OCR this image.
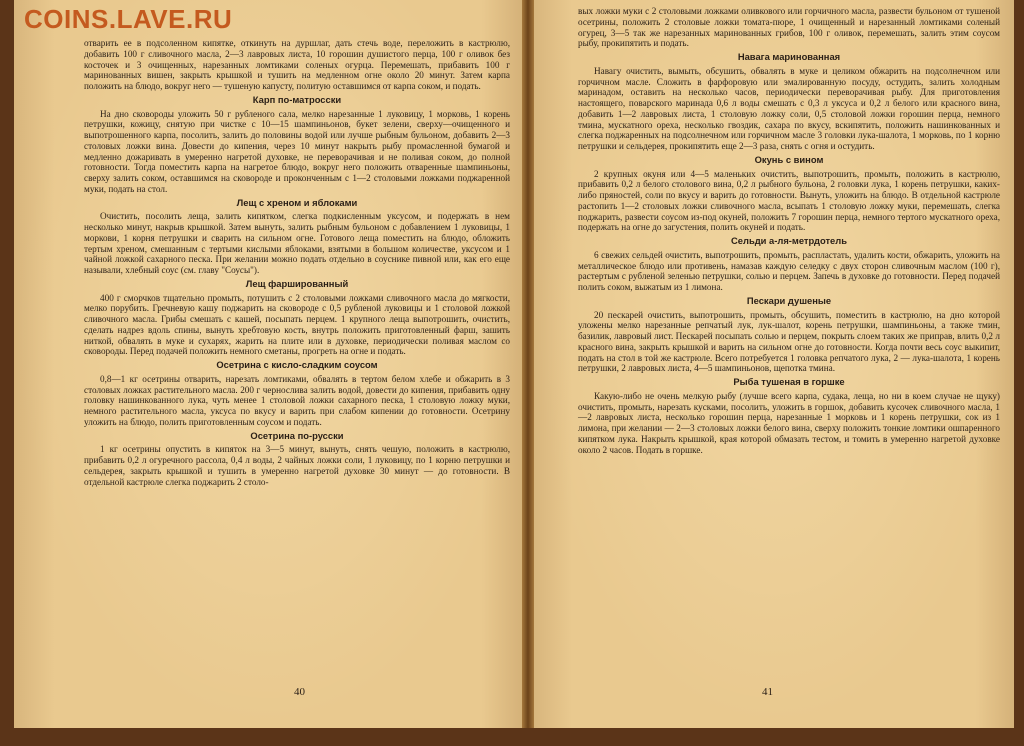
отварить ее в подсоленном кипятке, откинуть на дуршлаг, дать стечь воде, переложить в кастрюлю, добавить 100 г сливочного масла, 2—3 лавровых листа, 10 горошин душистого перца, 100 г оливок без косточек и 3 очищенных, нарезанных ломтиками соленых огурца. Перемешать, прибавить 100 г маринованных вишен, закрыть крышкой и тушить на медленном огне около 20 минут. Затем карпа положить на блюдо, вокруг него — тушеную капусту, политую оставшимся от карпа соком, и подать.

Карп по-матросски

На дно сковороды уложить 50 г рубленого сала, мелко нарезанные 1 луковицу, 1 морковь, 1 корень петрушки, кожицу, снятую при чистке с 10—15 шампиньонов, букет зелени, сверху—очищенного и выпотрошенного карпа, посолить, залить до половины водой или лучше рыбным бульоном, добавить 2—3 столовых ложки вина. Довести до кипения, через 10 минут накрыть рыбу промасленной бумагой и медленно дожаривать в умеренно нагретой духовке, не переворачивая и не поливая соком, до полной готовности. Тогда поместить карпа на нагретое блюдо, вокруг него положить отваренные шампиньоны, сверху залить соком, оставшимся на сковороде и проконченным с 1—2 столовыми ложками поджаренной муки, подать на стол.

Лещ с хреном и яблоками

Очистить, посолить леща, залить кипятком, слегка подкисленным уксусом, и подержать в нем несколько минут, накрыв крышкой. Затем вынуть, залить рыбным бульоном с добавлением 1 луковицы, 1 моркови, 1 корня петрушки и сварить на сильном огне. Готового леща поместить на блюдо, обложить тертым хреном, смешанным с тертыми кислыми яблоками, взятыми в большом количестве, уксусом и 1 чайной ложкой сахарного песка. При желании можно подать отдельно в соуснике пивной или, как его еще называли, хлебный соус (см. главу "Соусы").

Лещ фаршированный

400 г сморчков тщательно промыть, потушить с 2 столовыми ложками сливочного масла до мягкости, мелко порубить. Гречневую кашу поджарить на сковороде с 0,5 рубленой луковицы и 1 столовой ложкой сливочного масла. Грибы смешать с кашей, посыпать перцем. 1 крупного леща выпотрошить, очистить, сделать надрез вдоль спины, вынуть хребтовую кость, внутрь положить приготовленный фарш, зашить ниткой, обвалять в муке и сухарях, жарить на плите или в духовке, периодически поливая маслом со сковороды. Перед подачей положить немного сметаны, прогреть на огне и подать.

Осетрина с кисло-сладким соусом

0,8—1 кг осетрины отварить, нарезать ломтиками, обвалять в тертом белом хлебе и обжарить в 3 столовых ложках растительного масла. 200 г чернослива залить водой, довести до кипения, прибавить одну головку нашинкованного лука, чуть менее 1 столовой ложки сахарного песка, 1 столовую ложку муки, немного растительного масла, уксуса по вкусу и варить при слабом кипении до готовности. Осетрину уложить на блюдо, полить приготовленным соусом и подать.

Осетрина по-русски

1 кг осетрины опустить в кипяток на 3—5 минут, вынуть, снять чешую, положить в кастрюлю, прибавить 0,2 л огуречного рассола, 0,4 л воды, 2 чайных ложки соли, 1 луковицу, по 1 корню петрушки и сельдерея, закрыть крышкой и тушить в умеренно нагретой духовке 30 минут — до готовности. В отдельной кастрюле слегка поджарить 2 столо-

40

вых ложки муки с 2 столовыми ложками оливкового или горчичного масла, развести бульоном от тушеной осетрины, положить 2 столовые ложки томата-пюре, 1 очищенный и нарезанный ломтиками соленый огурец, 3—5 так же нарезанных маринованных грибов, 100 г оливок, перемешать, залить этим соусом рыбу, прокипятить и подать.

Навага маринованная

Навагу очистить, вымыть, обсушить, обвалять в муке и целиком обжарить на подсолнечном или горчичном масле. Сложить в фарфоровую или эмалированную посуду, остудить, залить холодным маринадом, оставить на несколько часов, периодически переворачивая рыбу. Для приготовления настоящего, поварского маринада 0,6 л воды смешать с 0,3 л уксуса и 0,2 л белого или красного вина, добавить 1—2 лавровых листа, 1 столовую ложку соли, 0,5 столовой ложки горошин перца, немного тмина, мускатного ореха, несколько гвоздик, сахара по вкусу, вскипятить, положить нашинкованных и слегка поджаренных на подсолнечном или горчичном масле 3 головки лука-шалота, 1 морковь, по 1 корню петрушки и сельдерея, прокипятить еще 2—3 раза, снять с огня и остудить.

Окунь с вином

2 крупных окуня или 4—5 маленьких очистить, выпотрошить, промыть, положить в кастрюлю, прибавить 0,2 л белого столового вина, 0,2 л рыбного бульона, 2 головки лука, 1 корень петрушки, каких-либо пряностей, соли по вкусу и варить до готовности. Вынуть, уложить на блюдо. В отдельной кастрюле растопить 1—2 столовых ложки сливочного масла, всыпать 1 столовую ложку муки, перемешать, слегка поджарить, развести соусом из-под окуней, положить 7 горошин перца, немного тертого мускатного ореха, подержать на огне до загустения, полить окуней и подать.

Сельди а-ля-метрдотель

6 свежих сельдей очистить, выпотрошить, промыть, распластать, удалить кости, обжарить, уложить на металлическое блюдо или противень, намазав каждую селедку с двух сторон сливочным маслом (100 г), растертым с рубленой зеленью петрушки, солью и перцем. Запечь в духовке до готовности. Перед подачей полить соком, выжатым из 1 лимона.

Пескари душеные

20 пескарей очистить, выпотрошить, промыть, обсушить, поместить в кастрюлю, на дно которой уложены мелко нарезанные репчатый лук, лук-шалот, корень петрушки, шампиньоны, а также тмин, базилик, лавровый лист. Пескарей посыпать солью и перцем, покрыть слоем таких же приправ, влить 0,2 л красного вина, закрыть крышкой и варить на сильном огне до готовности. Когда почти весь соус выкипит, подать на стол в той же кастрюле. Всего потребуется 1 головка репчатого лука, 2 — лука-шалота, 1 корень петрушки, 2 лавровых листа, 4—5 шампиньонов, щепотка тмина.

Рыба тушеная в горшке

Какую-либо не очень мелкую рыбу (лучше всего карпа, судака, леща, но ни в коем случае не щуку) очистить, промыть, нарезать кусками, посолить, уложить в горшок, добавить кусочек сливочного масла, 1—2 лавровых листа, несколько горошин перца, нарезанные 1 морковь и 1 корень петрушки, сок из 1 лимона, при желании — 2—3 столовых ложки белого вина, сверху положить тонкие ломтики ошпаренного кипятком лука. Накрыть крышкой, края которой обмазать тестом, и томить в умеренно нагретой духовке около 2 часов. Подать в горшке.

41
COINS.LAVE.RU
